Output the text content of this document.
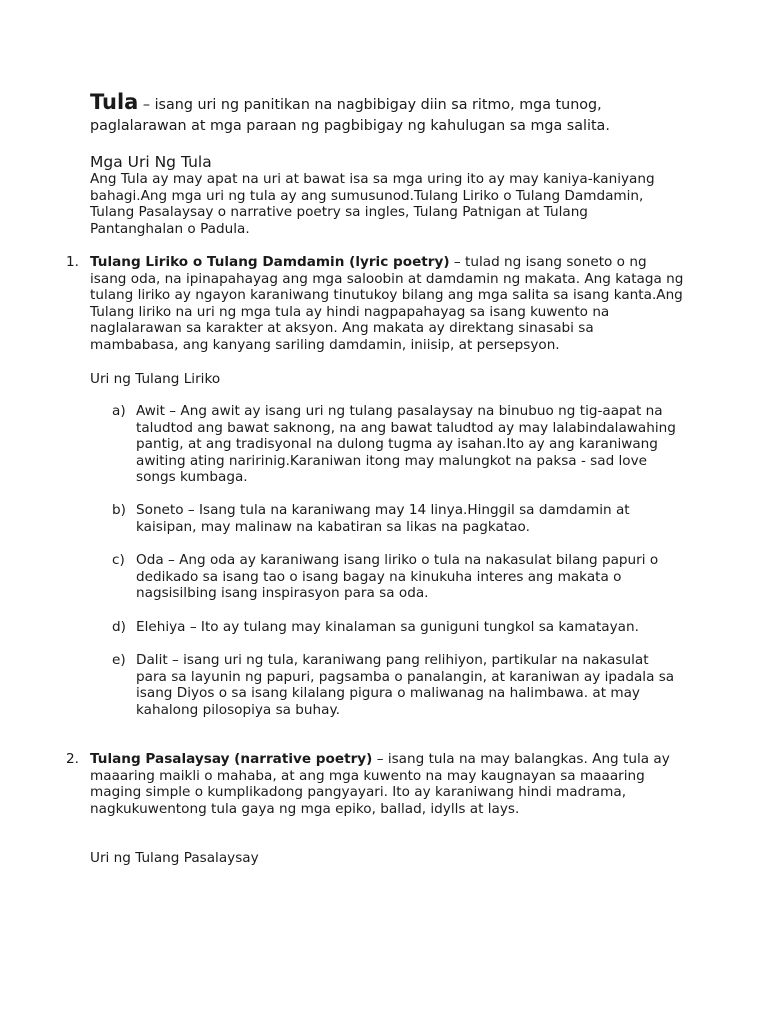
Tula – isang uri ng panitikan na nagbibigay diin sa ritmo, mga tunog, paglalarawan at mga paraan ng pagbibigay ng kahulugan sa mga salita.

Mga Uri Ng Tula

Ang Tula ay may apat na uri at bawat isa sa mga uring ito ay may kaniya-kaniyang bahagi.Ang mga uri ng tula ay ang sumusunod.Tulang Liriko o Tulang Damdamin, Tulang Pasalaysay o narrative poetry sa ingles, Tulang Patnigan at Tulang Pantanghalan o Padula.

1. Tulang Liriko o Tulang Damdamin (lyric poetry) – tulad ng isang soneto o ng isang oda, na ipinapahayag ang mga saloobin at damdamin ng makata. Ang kataga ng tulang liriko ay ngayon karaniwang tinutukoy bilang ang mga salita sa isang kanta.Ang Tulang liriko na uri ng mga tula ay hindi nagpapahayag sa isang kuwento na naglalarawan sa karakter at aksyon. Ang makata ay direktang sinasabi sa mambabasa, ang kanyang sariling damdamin, iniisip, at persepsyon.
Uri ng Tulang Liriko
a) Awit – Ang awit ay isang uri ng tulang pasalaysay na binubuo ng tig-aapat na taludtod ang bawat saknong, na ang bawat taludtod ay may lalabindalawahing pantig, at ang tradisyonal na dulong tugma ay isahan.Ito ay ang karaniwang awiting ating naririnig.Karaniwan itong may malungkot na paksa - sad love songs kumbaga.
b) Soneto – Isang tula na karaniwang may 14 linya.Hinggil sa damdamin at kaisipan, may malinaw na kabatiran sa likas na pagkatao.
c) Oda – Ang oda ay karaniwang isang liriko o tula na nakasulat bilang papuri o dedikado sa isang tao o isang bagay na kinukuha interes ang makata o nagsisilbing isang inspirasyon para sa oda.
d) Elehiya – Ito ay tulang may kinalaman sa guniguni tungkol sa kamatayan.
e) Dalit – isang uri ng tula, karaniwang pang relihiyon, partikular na nakasulat para sa layunin ng papuri, pagsamba o panalangin, at karaniwan ay ipadala sa isang Diyos o sa isang kilalang pigura o maliwanag na halimbawa. at may kahalong pilosopiya sa buhay.
2. Tulang Pasalaysay (narrative poetry) – isang tula na may balangkas. Ang tula ay maaaring maikli o mahaba, at ang mga kuwento na may kaugnayan sa maaaring maging simple o kumplikadong pangyayari. Ito ay karaniwang hindi madrama, nagkukuwentong tula gaya ng mga epiko, ballad, idylls at lays.
Uri ng Tulang Pasalaysay
